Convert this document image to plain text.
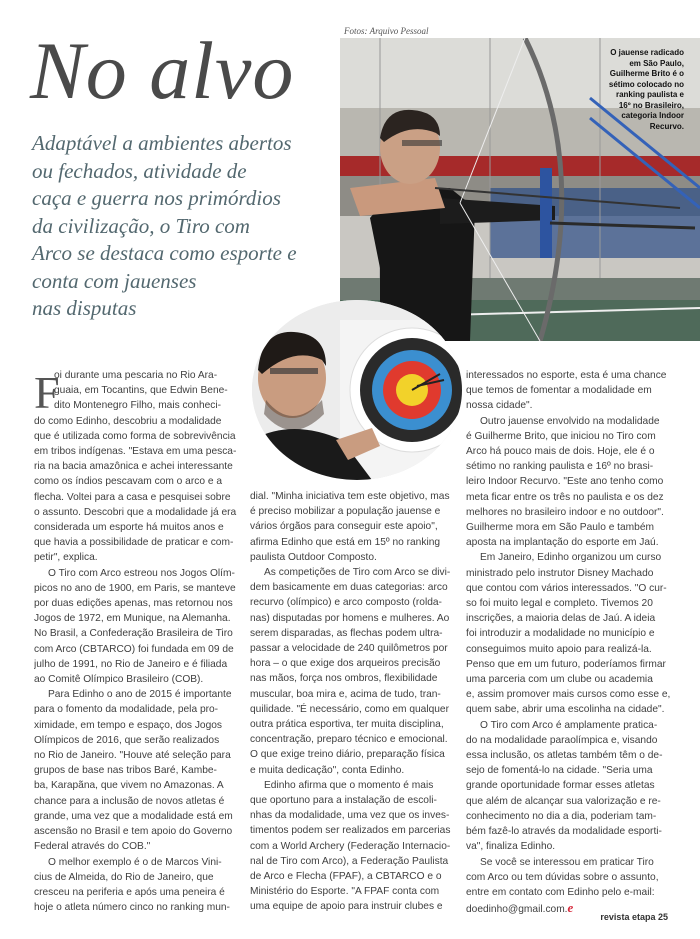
Fotos: Arquivo Pessoal
No alvo
Adaptável a ambientes abertos
ou fechados, atividade de
caça e guerra nos primórdios
da civilização, o Tiro com
Arco se destaca como esporte e
conta com jauenses
nas disputas
O jauense radicado
em São Paulo,
Guilherme Brito é o
sétimo colocado no
ranking paulista e
16º no Brasileiro,
categoria Indoor
Recurvo.
F

oi durante uma pescaria no Rio Ara-
guaia, em Tocantins, que Edwin Bene-
dito Montenegro Filho, mais conheci-
do como Edinho, descobriu a modalidade
que é utilizada como forma de sobrevivência
em tribos indígenas. "Estava em uma pesca-
ria na bacia amazônica e achei interessante
como os índios pescavam com o arco e a
flecha. Voltei para a casa e pesquisei sobre
o assunto. Descobri que a modalidade já era
considerada um esporte há muitos anos e
que havia a possibilidade de praticar e com-
petir", explica.

O Tiro com Arco estreou nos Jogos Olím-
picos no ano de 1900, em Paris, se manteve
por duas edições apenas, mas retornou nos
Jogos de 1972, em Munique, na Alemanha.
No Brasil, a Confederação Brasileira de Tiro
com Arco (CBTARCO) foi fundada em 09 de
julho de 1991, no Rio de Janeiro e é filiada
ao Comitê Olímpico Brasileiro (COB).

Para Edinho o ano de 2015 é importante
para o fomento da modalidade, pela pro-
ximidade, em tempo e espaço, dos Jogos
Olímpicos de 2016, que serão realizados
no Rio de Janeiro. "Houve até seleção para
grupos de base nas tribos Baré, Kambe-
ba, Karapãna, que vivem no Amazonas. A
chance para a inclusão de novos atletas é
grande, uma vez que a modalidade está em
ascensão no Brasil e tem apoio do Governo
Federal através do COB."

O melhor exemplo é o de Marcos Vini-
cius de Almeida, do Rio de Janeiro, que
cresceu na periferia e após uma peneira é
hoje o atleta número cinco no ranking mun-

dial. "Minha iniciativa tem este objetivo, mas
é preciso mobilizar a população jauense e
vários órgãos para conseguir este apoio",
afirma Edinho que está em 15º no ranking
paulista Outdoor Composto.

As competições de Tiro com Arco se divi-
dem basicamente em duas categorias: arco
recurvo (olímpico) e arco composto (rolda-
nas) disputadas por homens e mulheres. Ao
serem disparadas, as flechas podem ultra-
passar a velocidade de 240 quilômetros por
hora – o que exige dos arqueiros precisão
nas mãos, força nos ombros, flexibilidade
muscular, boa mira e, acima de tudo, tran-
quilidade. "É necessário, como em qualquer
outra prática esportiva, ter muita disciplina,
concentração, preparo técnico e emocional.
O que exige treino diário, preparação física
e muita dedicação", conta Edinho.

Edinho afirma que o momento é mais
que oportuno para a instalação de escoli-
nhas da modalidade, uma vez que os inves-
timentos podem ser realizados em parcerias
com a World Archery (Federação Internacio-
nal de Tiro com Arco), a Federação Paulista
de Arco e Flecha (FPAF), a CBTARCO e o
Ministério do Esporte. "A FPAF conta com
uma equipe de apoio para instruir clubes e

interessados no esporte, esta é uma chance
que temos de fomentar a modalidade em
nossa cidade".

Outro jauense envolvido na modalidade
é Guilherme Brito, que iniciou no Tiro com
Arco há pouco mais de dois. Hoje, ele é o
sétimo no ranking paulista e 16º no brasi-
leiro Indoor Recurvo. "Este ano tenho como
meta ficar entre os três no paulista e os dez
melhores no brasileiro indoor e no outdoor".
Guilherme mora em São Paulo e também
aposta na implantação do esporte em Jaú.

Em Janeiro, Edinho organizou um curso
ministrado pelo instrutor Disney Machado
que contou com vários interessados. "O cur-
so foi muito legal e completo. Tivemos 20
inscrições, a maioria delas de Jaú. A ideia
foi introduzir a modalidade no município e
conseguimos muito apoio para realizá-la.
Penso que em um futuro, poderíamos firmar
uma parceria com um clube ou academia
e, assim promover mais cursos como esse e,
quem sabe, abrir uma escolinha na cidade".

O Tiro com Arco é amplamente pratica-
do na modalidade paraolímpica e, visando
essa inclusão, os atletas também têm o de-
sejo de fomentá-lo na cidade. "Seria uma
grande oportunidade formar esses atletas
que além de alcançar sua valorização e re-
conhecimento no dia a dia, poderiam tam-
bém fazê-lo através da modalidade esporti-
va", finaliza Edinho.

Se você se interessou em praticar Tiro
com Arco ou tem dúvidas sobre o assunto,
entre em contato com Edinho pelo e-mail:
doedinho@gmail.com.e

revista etapa 25
